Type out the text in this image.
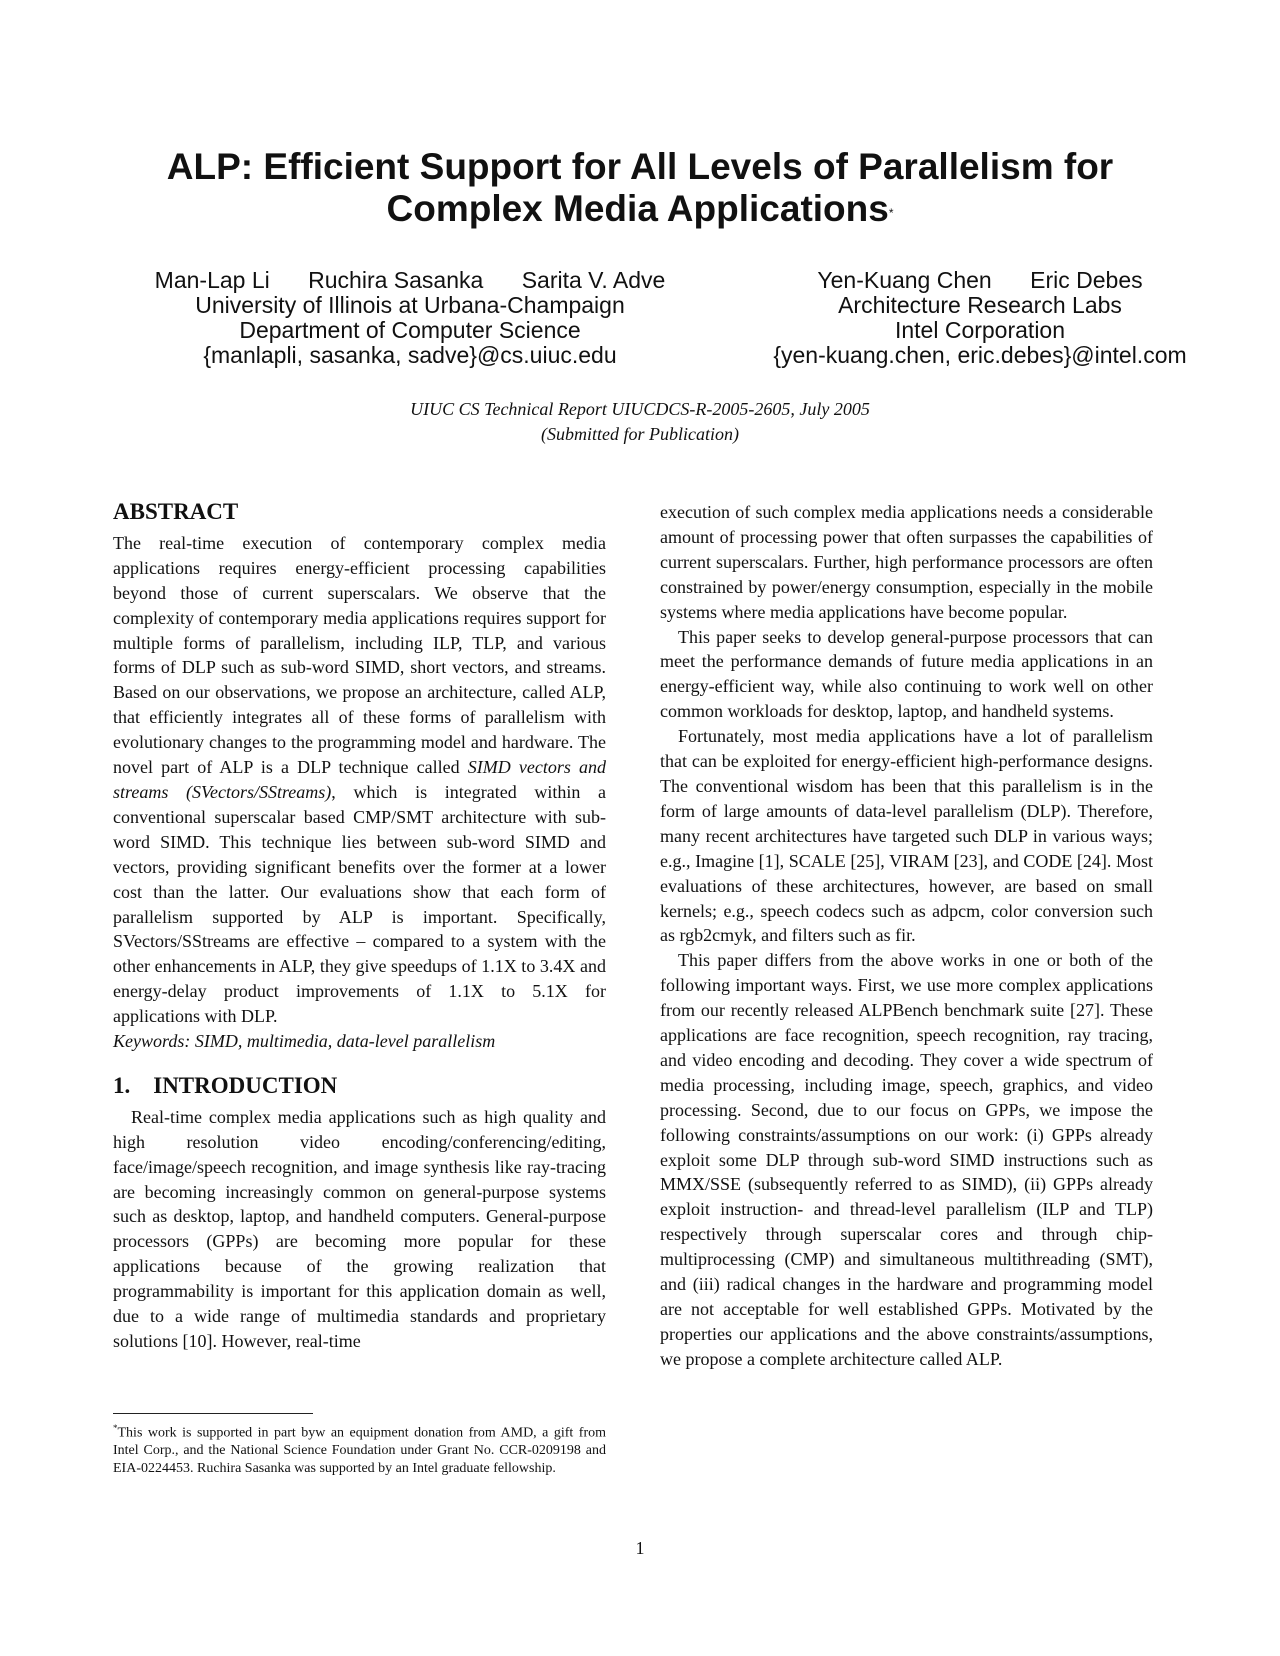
ALP: Efficient Support for All Levels of Parallelism for
Complex Media Applications*
Man-Lap Li Ruchira Sasanka Sarita V. Adve
University of Illinois at Urbana-Champaign
Department of Computer Science
{manlapli, sasanka, sadve}@cs.uiuc.edu
Yen-Kuang Chen Eric Debes
Architecture Research Labs
Intel Corporation
{yen-kuang.chen, eric.debes}@intel.com
UIUC CS Technical Report UIUCDCS-R-2005-2605, July 2005
(Submitted for Publication)
ABSTRACT

The real-time execution of contemporary complex media applications requires energy-efficient processing capabilities beyond those of current superscalars. We observe that the complexity of contemporary media applications requires support for multiple forms of parallelism, including ILP, TLP, and various forms of DLP such as sub-word SIMD, short vectors, and streams. Based on our observations, we propose an architecture, called ALP, that efficiently integrates all of these forms of parallelism with evolutionary changes to the programming model and hardware. The novel part of ALP is a DLP technique called SIMD vectors and streams (SVectors/SStreams), which is integrated within a conventional superscalar based CMP/SMT architecture with sub-word SIMD. This technique lies between sub-word SIMD and vectors, providing significant benefits over the former at a lower cost than the latter. Our evaluations show that each form of parallelism supported by ALP is important. Specifically, SVectors/SStreams are effective – compared to a system with the other enhancements in ALP, they give speedups of 1.1X to 3.4X and energy-delay product improvements of 1.1X to 5.1X for applications with DLP.

Keywords: SIMD, multimedia, data-level parallelism

1.    INTRODUCTION

Real-time complex media applications such as high quality and high resolution video encoding/conferencing/editing, face/image/speech recognition, and image synthesis like ray-tracing are becoming increasingly common on general-purpose systems such as desktop, laptop, and handheld computers. General-purpose processors (GPPs) are becoming more popular for these applications because of the growing realization that programmability is important for this application domain as well, due to a wide range of multimedia standards and proprietary solutions [10]. However, real-time

execution of such complex media applications needs a considerable amount of processing power that often surpasses the capabilities of current superscalars. Further, high performance processors are often constrained by power/energy consumption, especially in the mobile systems where media applications have become popular.

This paper seeks to develop general-purpose processors that can meet the performance demands of future media applications in an energy-efficient way, while also continuing to work well on other common workloads for desktop, laptop, and handheld systems.

Fortunately, most media applications have a lot of parallelism that can be exploited for energy-efficient high-performance designs. The conventional wisdom has been that this parallelism is in the form of large amounts of data-level parallelism (DLP). Therefore, many recent architectures have targeted such DLP in various ways; e.g., Imagine [1], SCALE [25], VIRAM [23], and CODE [24]. Most evaluations of these architectures, however, are based on small kernels; e.g., speech codecs such as adpcm, color conversion such as rgb2cmyk, and filters such as fir.

This paper differs from the above works in one or both of the following important ways. First, we use more complex applications from our recently released ALPBench benchmark suite [27]. These applications are face recognition, speech recognition, ray tracing, and video encoding and decoding. They cover a wide spectrum of media processing, including image, speech, graphics, and video processing. Second, due to our focus on GPPs, we impose the following constraints/assumptions on our work: (i) GPPs already exploit some DLP through sub-word SIMD instructions such as MMX/SSE (subsequently referred to as SIMD), (ii) GPPs already exploit instruction- and thread-level parallelism (ILP and TLP) respectively through superscalar cores and through chip-multiprocessing (CMP) and simultaneous multithreading (SMT), and (iii) radical changes in the hardware and programming model are not acceptable for well established GPPs. Motivated by the properties our applications and the above constraints/assumptions, we propose a complete architecture called ALP.

*This work is supported in part byw an equipment donation from AMD, a gift from Intel Corp., and the National Science Foundation under Grant No. CCR-0209198 and EIA-0224453. Ruchira Sasanka was supported by an Intel graduate fellowship.
1
